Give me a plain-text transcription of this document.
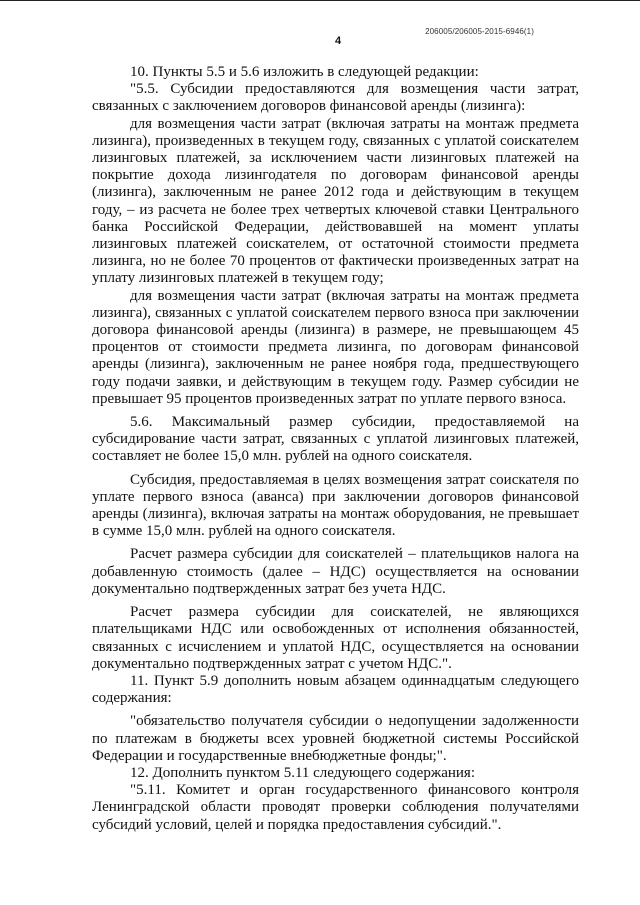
206005/206005-2015-6946(1)
4

10. Пункты 5.5 и 5.6 изложить в следующей редакции:

"5.5. Субсидии предоставляются для возмещения части затрат, связанных с заключением договоров финансовой аренды (лизинга):

для возмещения части затрат (включая затраты на монтаж предмета лизинга), произведенных в текущем году, связанных с уплатой соискателем лизинговых платежей, за исключением части лизинговых платежей на покрытие дохода лизингодателя по договорам финансовой аренды (лизинга), заключенным не ранее 2012 года и действующим в текущем году, – из расчета не более трех четвертых ключевой ставки Центрального банка Российской Федерации, действовавшей на момент уплаты лизинговых платежей соискателем, от остаточной стоимости предмета лизинга, но не более 70 процентов от фактически произведенных затрат на уплату лизинговых платежей в текущем году;

для возмещения части затрат (включая затраты на монтаж предмета лизинга), связанных с уплатой соискателем первого взноса при заключении договора финансовой аренды (лизинга) в размере, не превышающем 45 процентов от стоимости предмета лизинга, по договорам финансовой аренды (лизинга), заключенным не ранее ноября года, предшествующего году подачи заявки, и действующим в текущем году. Размер субсидии не превышает 95 процентов произведенных затрат по уплате первого взноса.

5.6. Максимальный размер субсидии, предоставляемой на субсидирование части затрат, связанных с уплатой лизинговых платежей, составляет не более 15,0 млн. рублей на одного соискателя.

Субсидия, предоставляемая в целях возмещения затрат соискателя по уплате первого взноса (аванса) при заключении договоров финансовой аренды (лизинга), включая затраты на монтаж оборудования, не превышает в сумме 15,0 млн. рублей на одного соискателя.

Расчет размера субсидии для соискателей – плательщиков налога на добавленную стоимость (далее – НДС) осуществляется на основании документально подтвержденных затрат без учета НДС.

Расчет размера субсидии для соискателей, не являющихся плательщиками НДС или освобожденных от исполнения обязанностей, связанных с исчислением и уплатой НДС, осуществляется на основании документально подтвержденных затрат с учетом НДС.".

11. Пункт 5.9 дополнить новым абзацем одиннадцатым следующего содержания:

"обязательство получателя субсидии о недопущении задолженности по платежам в бюджеты всех уровней бюджетной системы Российской Федерации и государственные внебюджетные фонды;".

12. Дополнить пунктом 5.11 следующего содержания:

"5.11. Комитет и орган государственного финансового контроля Ленинградской области проводят проверки соблюдения получателями субсидий условий, целей и порядка предоставления субсидий.".
